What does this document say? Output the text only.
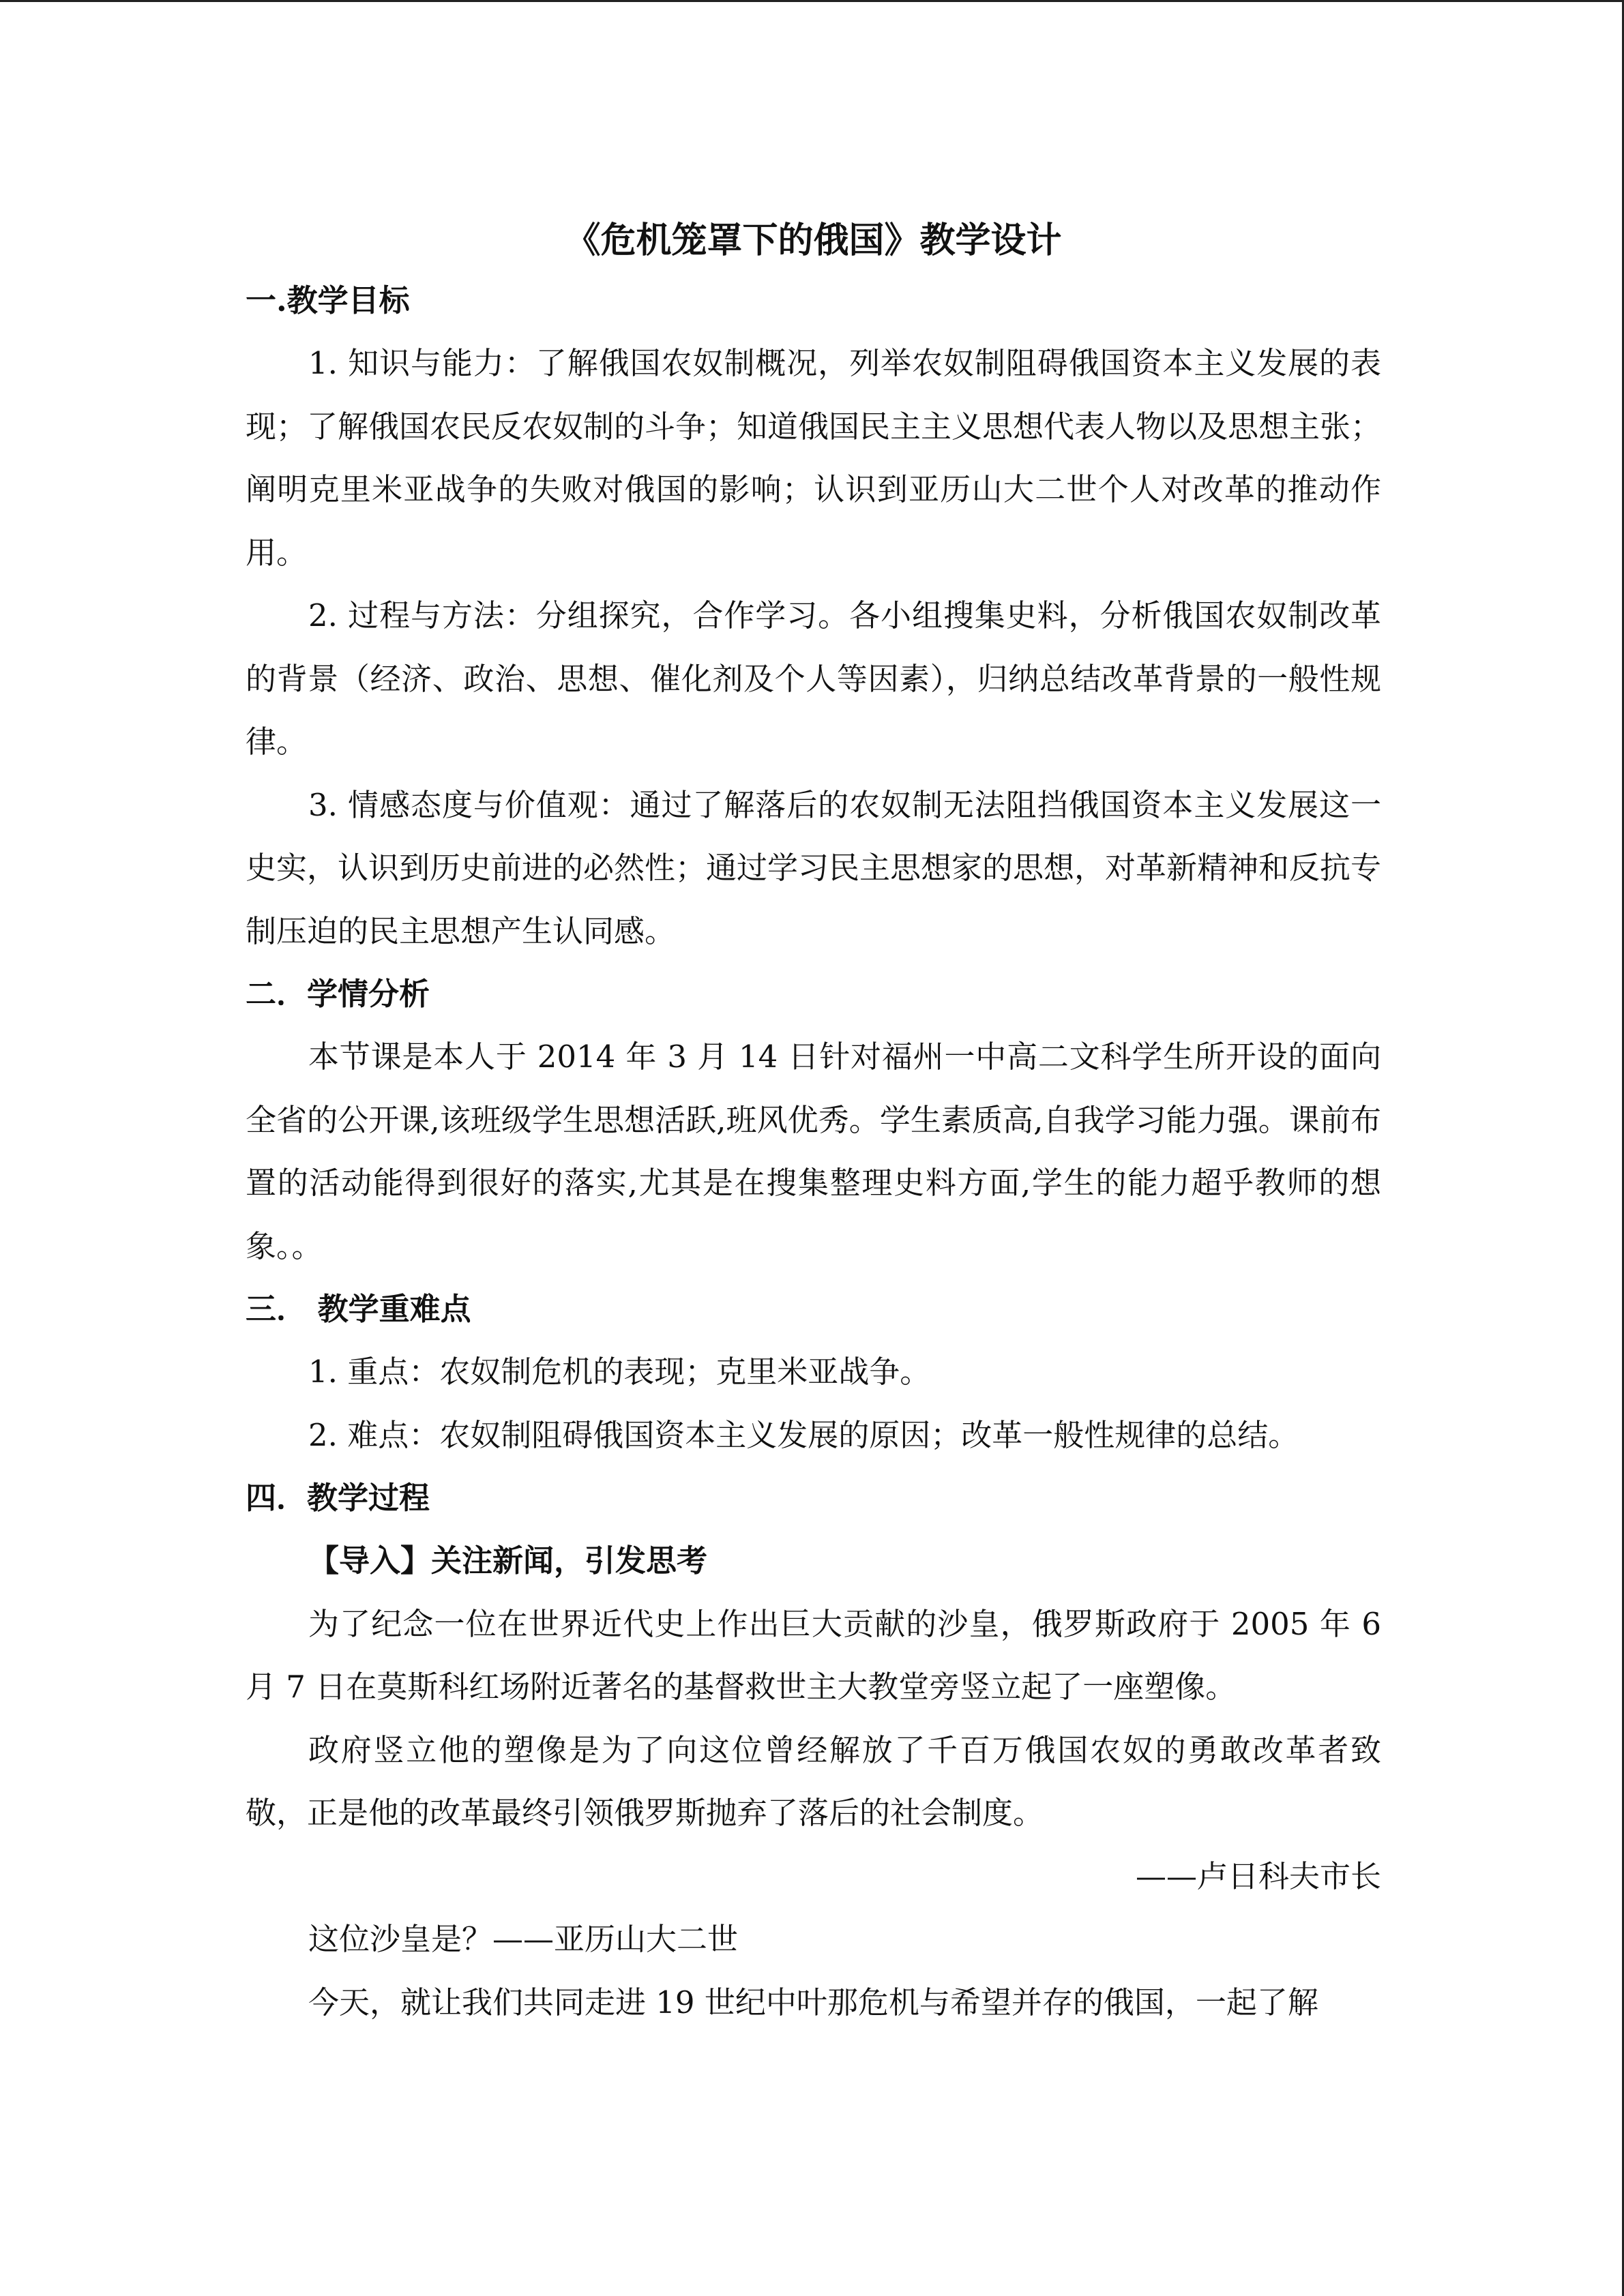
《危机笼罩下的俄国》教学设计
一.教学目标

1. 知识与能力：了解俄国农奴制概况，列举农奴制阻碍俄国资本主义发展的表现；了解俄国农民反农奴制的斗争；知道俄国民主主义思想代表人物以及思想主张；阐明克里米亚战争的失败对俄国的影响；认识到亚历山大二世个人对改革的推动作用。

2. 过程与方法：分组探究，合作学习。各小组搜集史料，分析俄国农奴制改革的背景（经济、政治、思想、催化剂及个人等因素），归纳总结改革背景的一般性规律。

3. 情感态度与价值观：通过了解落后的农奴制无法阻挡俄国资本主义发展这一史实，认识到历史前进的必然性；通过学习民主思想家的思想，对革新精神和反抗专制压迫的民主思想产生认同感。

二．学情分析

本节课是本人于 2014 年 3 月 14 日针对福州一中高二文科学生所开设的面向全省的公开课,该班级学生思想活跃,班风优秀。学生素质高,自我学习能力强。课前布置的活动能得到很好的落实,尤其是在搜集整理史料方面,学生的能力超乎教师的想象。。

三． 教学重难点

1. 重点：农奴制危机的表现；克里米亚战争。

2. 难点：农奴制阻碍俄国资本主义发展的原因；改革一般性规律的总结。

四．教学过程

【导入】关注新闻，引发思考

为了纪念一位在世界近代史上作出巨大贡献的沙皇，俄罗斯政府于 2005 年 6 月 7 日在莫斯科红场附近著名的基督救世主大教堂旁竖立起了一座塑像。

政府竖立他的塑像是为了向这位曾经解放了千百万俄国农奴的勇敢改革者致敬，正是他的改革最终引领俄罗斯抛弃了落后的社会制度。

——卢日科夫市长

这位沙皇是？——亚历山大二世

今天，就让我们共同走进 19 世纪中叶那危机与希望并存的俄国，一起了解
